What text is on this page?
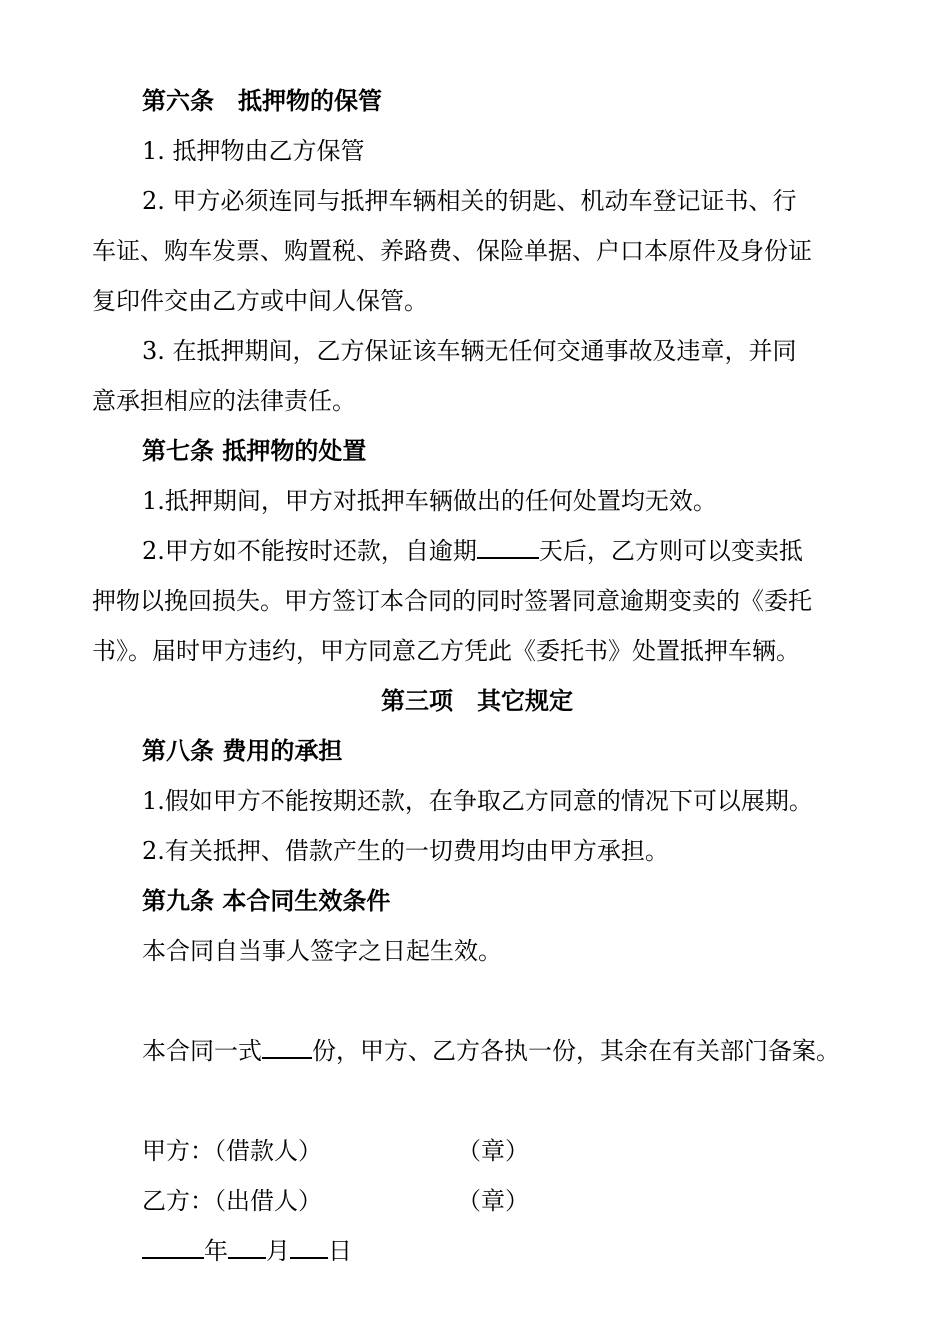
第六条　抵押物的保管
1. 抵押物由乙方保管
2. 甲方必须连同与抵押车辆相关的钥匙、机动车登记证书、行
车证、购车发票、购置税、养路费、保险单据、户口本原件及身份证
复印件交由乙方或中间人保管。
3. 在抵押期间，乙方保证该车辆无任何交通事故及违章，并同
意承担相应的法律责任。
第七条 抵押物的处置
1.抵押期间，甲方对抵押车辆做出的任何处置均无效。
2.甲方如不能按时还款，自逾期	天后，乙方则可以变卖抵
押物以挽回损失。甲方签订本合同的同时签署同意逾期变卖的《委托
书》。届时甲方违约，甲方同意乙方凭此《委托书》处置抵押车辆。
第三项　其它规定
第八条 费用的承担
1.假如甲方不能按期还款，在争取乙方同意的情况下可以展期。
2.有关抵押、借款产生的一切费用均由甲方承担。
第九条 本合同生效条件
本合同自当事人签字之日起生效。
本合同一式 份，甲方、乙方各执一份，其余在有关部门备案。
甲方：（借款人）	（章）
乙方：（出借人）	（章）
年 月 日
